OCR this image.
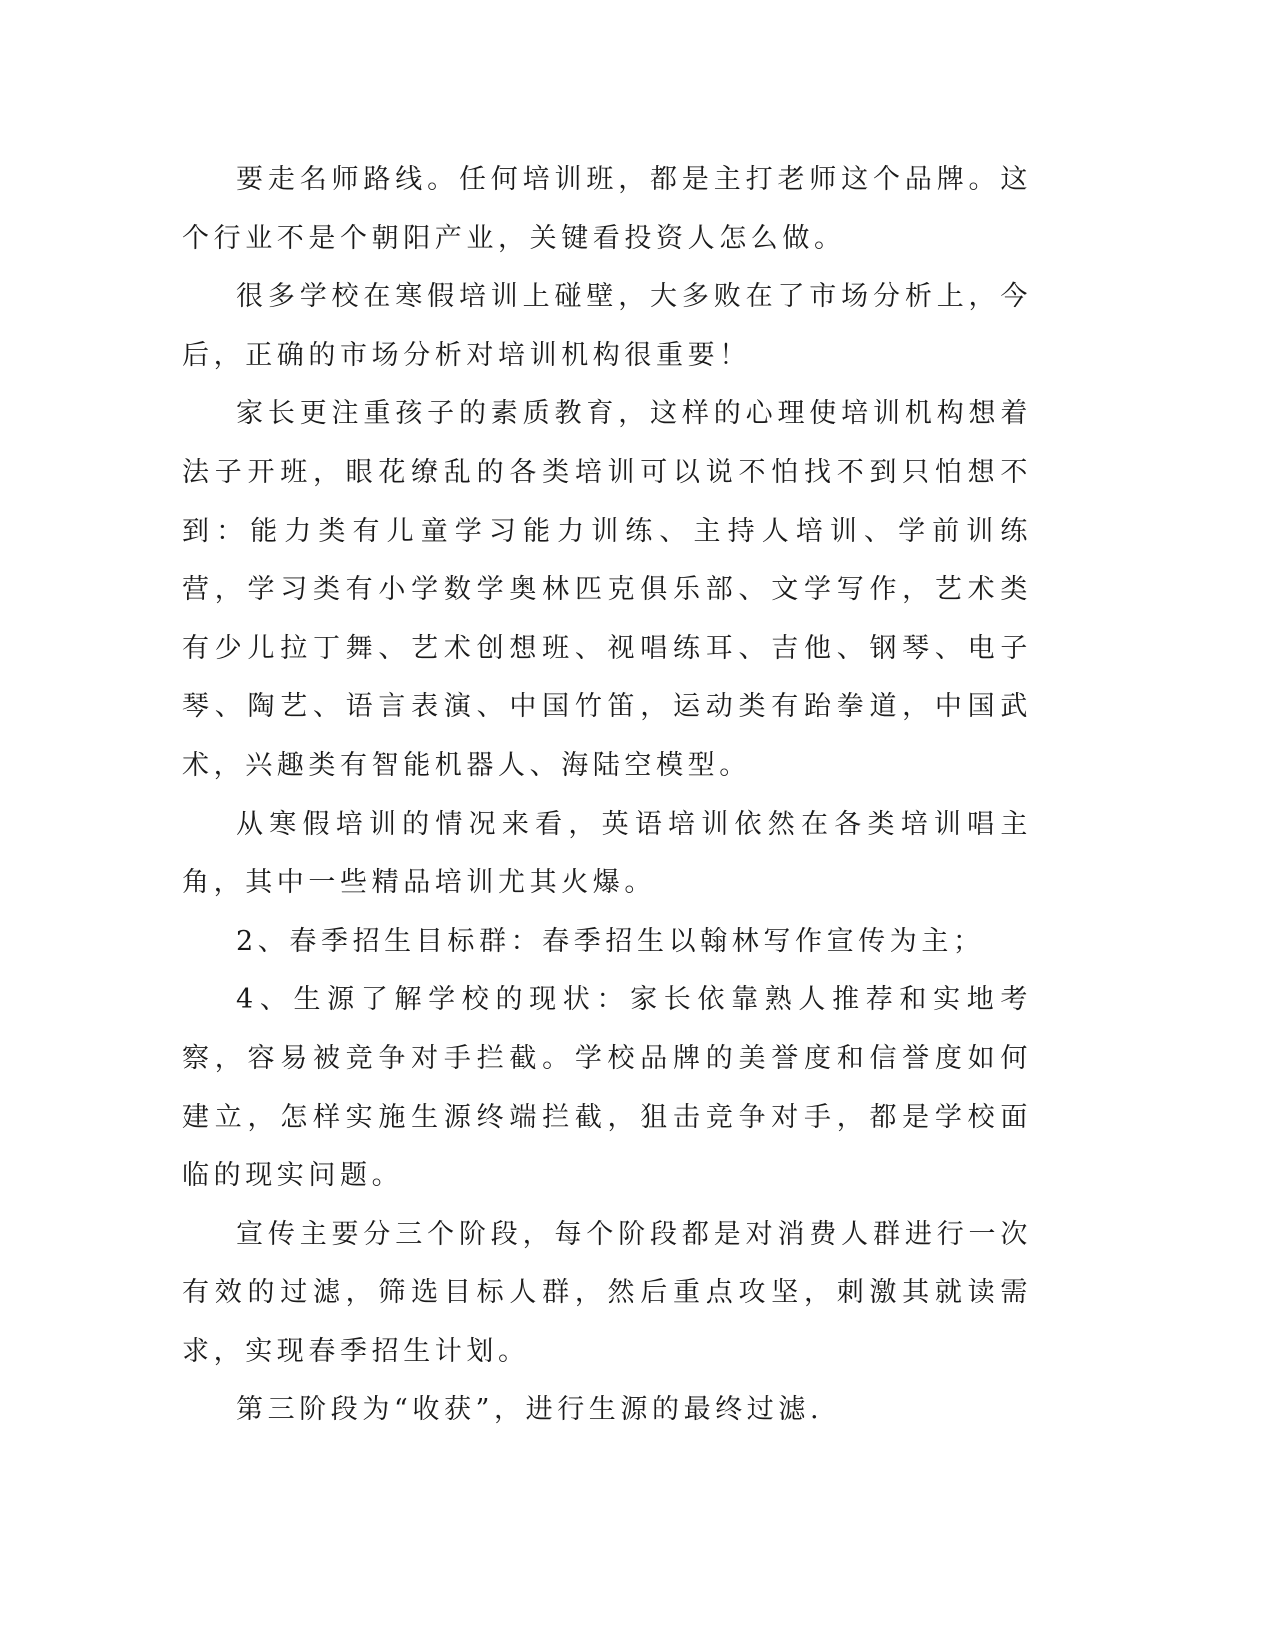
要走名师路线。任何培训班，都是主打老师这个品牌。这个行业不是个朝阳产业，关键看投资人怎么做。

很多学校在寒假培训上碰壁，大多败在了市场分析上，今后，正确的市场分析对培训机构很重要！

家长更注重孩子的素质教育，这样的心理使培训机构想着法子开班，眼花缭乱的各类培训可以说不怕找不到只怕想不到：能力类有儿童学习能力训练、主持人培训、学前训练营，学习类有小学数学奥林匹克俱乐部、文学写作，艺术类有少儿拉丁舞、艺术创想班、视唱练耳、吉他、钢琴、电子琴、陶艺、语言表演、中国竹笛，运动类有跆拳道，中国武术，兴趣类有智能机器人、海陆空模型。

从寒假培训的情况来看，英语培训依然在各类培训唱主角，其中一些精品培训尤其火爆。

2、春季招生目标群：春季招生以翰林写作宣传为主；

4、生源了解学校的现状：家长依靠熟人推荐和实地考察，容易被竞争对手拦截。学校品牌的美誉度和信誉度如何建立，怎样实施生源终端拦截，狙击竞争对手，都是学校面临的现实问题。

宣传主要分三个阶段，每个阶段都是对消费人群进行一次有效的过滤，筛选目标人群，然后重点攻坚，刺激其就读需求，实现春季招生计划。

第三阶段为“收获”，进行生源的最终过滤.
